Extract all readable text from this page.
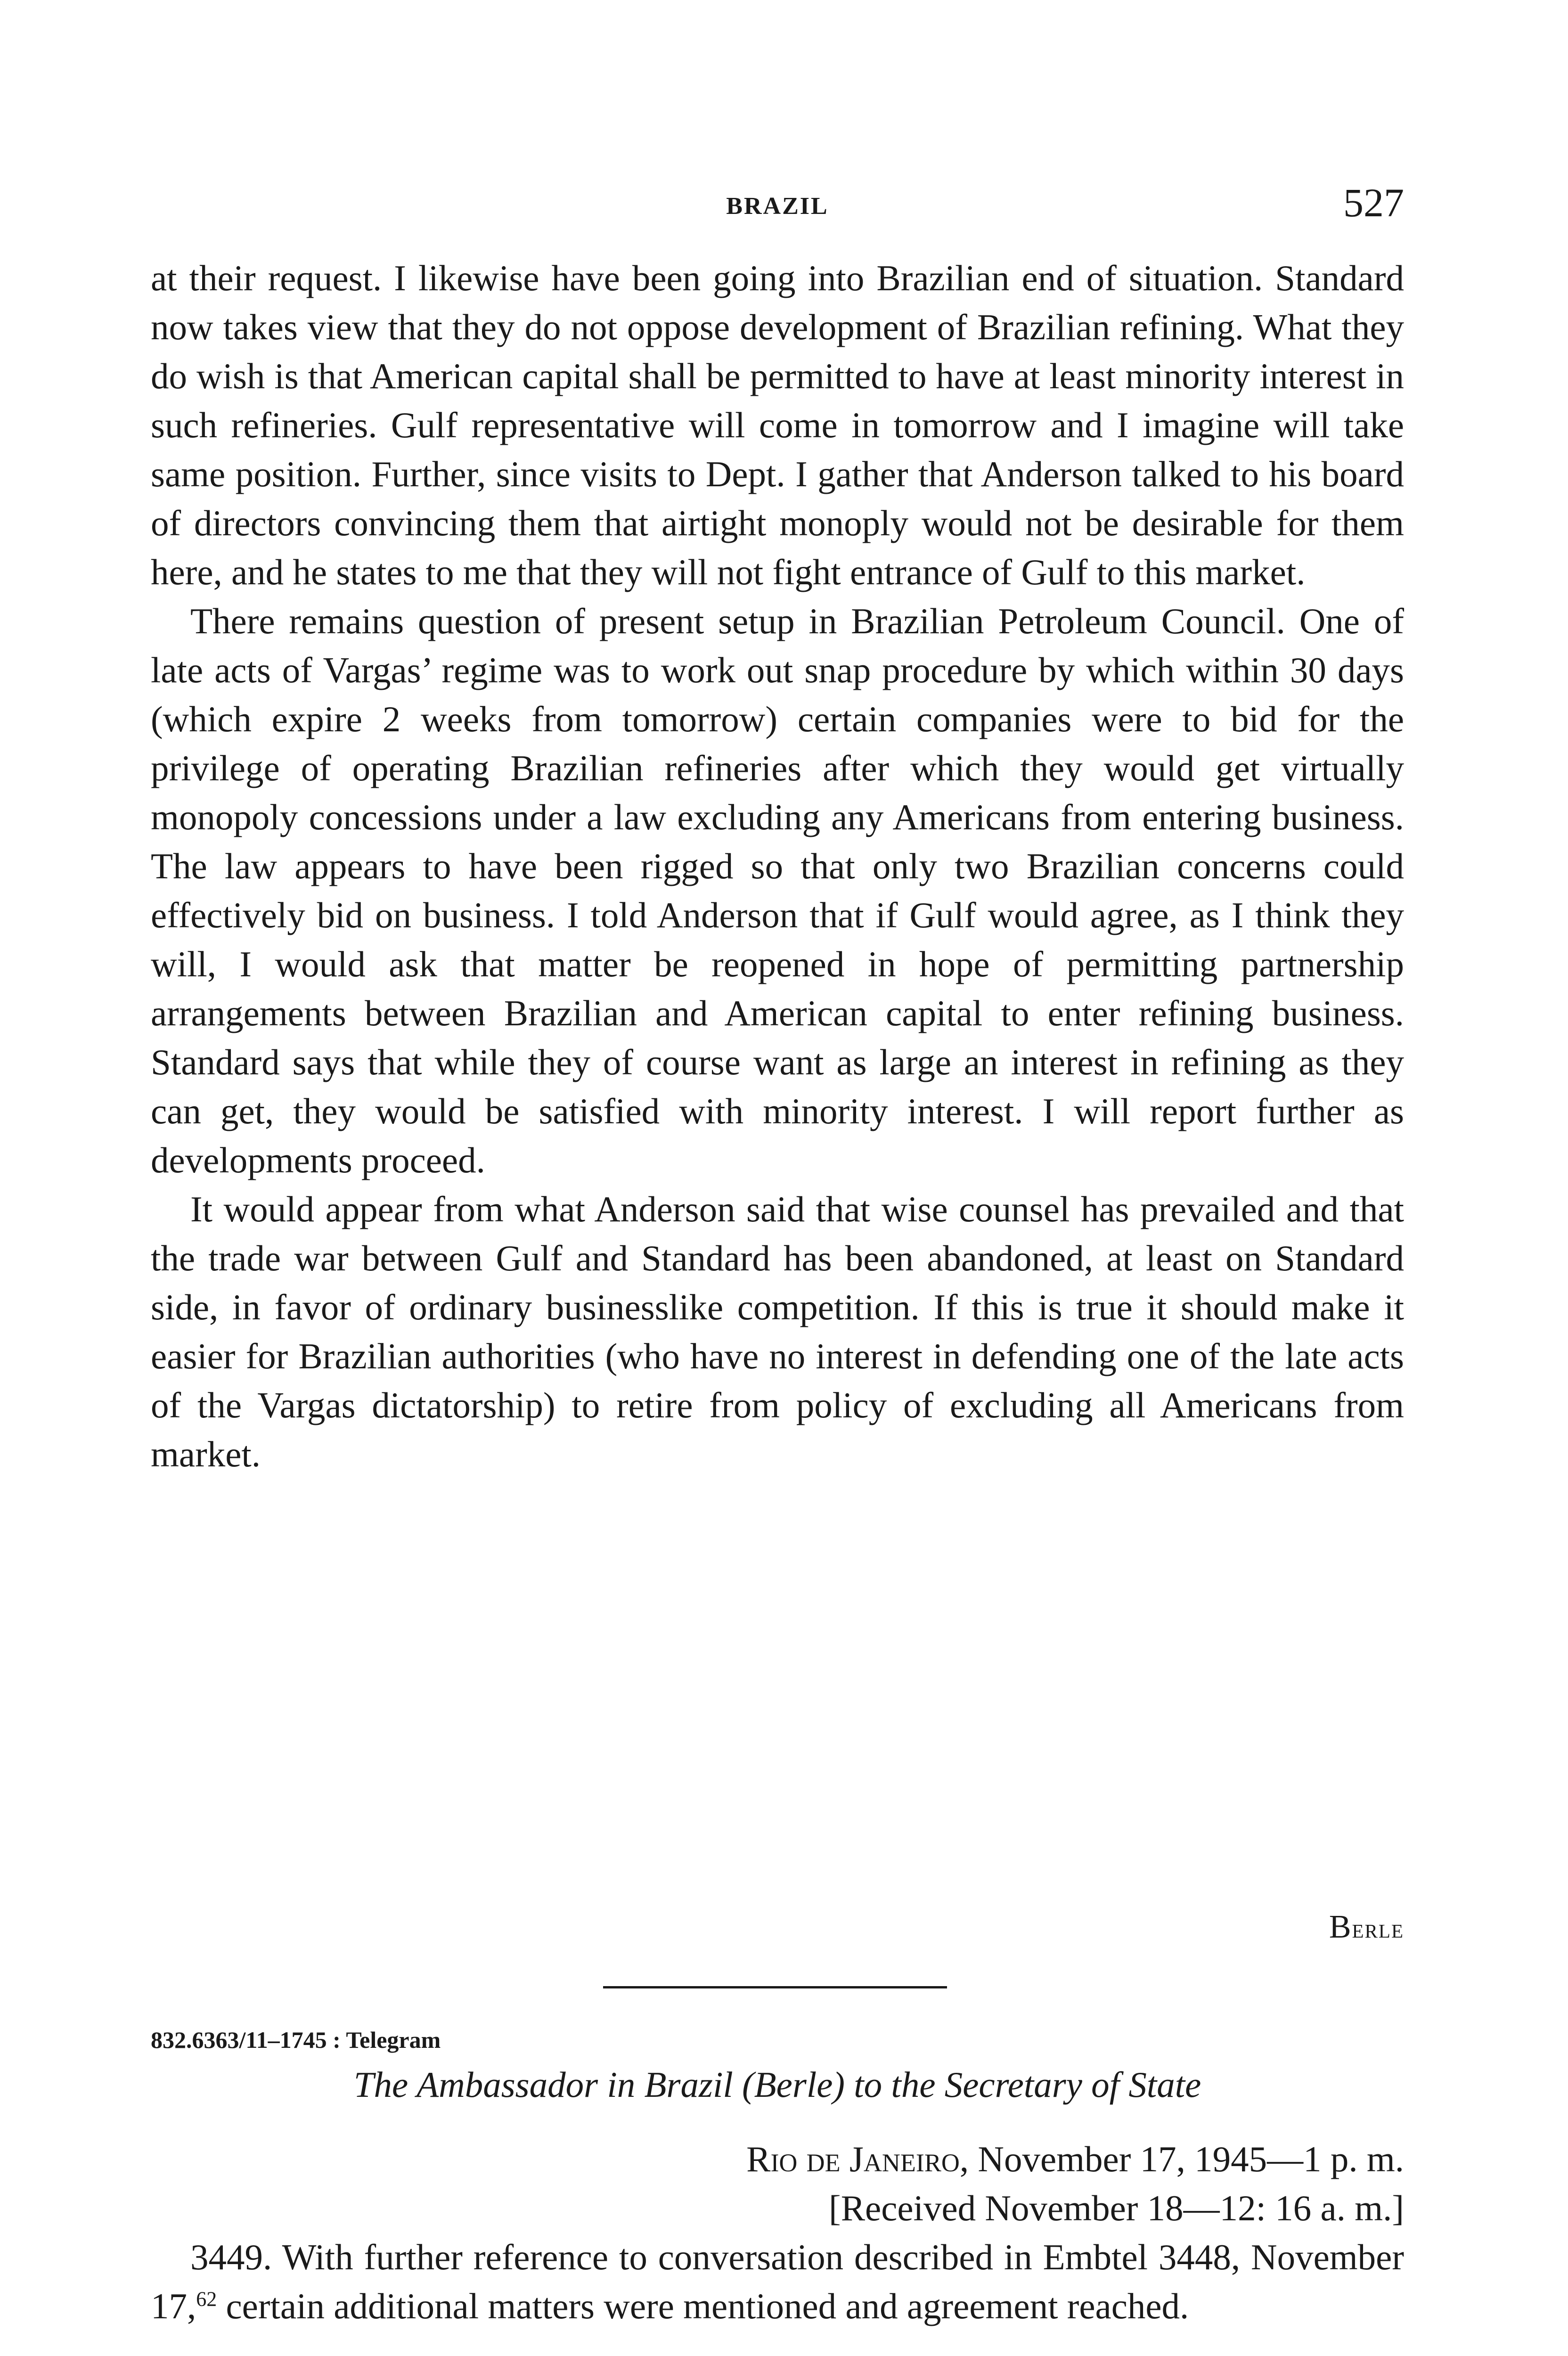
BRAZIL	527

at their request. I likewise have been going into Brazilian end of situation. Standard now takes view that they do not oppose development of Brazilian refining. What they do wish is that American capital shall be permitted to have at least minority interest in such refineries. Gulf representative will come in tomorrow and I imagine will take same position. Further, since visits to Dept. I gather that Anderson talked to his board of directors convincing them that airtight monoply would not be desirable for them here, and he states to me that they will not fight entrance of Gulf to this market.

There remains question of present setup in Brazilian Petroleum Council. One of late acts of Vargas’ regime was to work out snap procedure by which within 30 days (which expire 2 weeks from tomorrow) certain companies were to bid for the privilege of operating Brazilian refineries after which they would get virtually monopoly concessions under a law excluding any Americans from entering business. The law appears to have been rigged so that only two Brazilian concerns could effectively bid on business. I told Anderson that if Gulf would agree, as I think they will, I would ask that matter be reopened in hope of permitting partnership arrangements between Brazilian and American capital to enter refining business. Standard says that while they of course want as large an interest in refining as they can get, they would be satisfied with minority interest. I will report further as developments proceed.

It would appear from what Anderson said that wise counsel has prevailed and that the trade war between Gulf and Standard has been abandoned, at least on Standard side, in favor of ordinary businesslike competition. If this is true it should make it easier for Brazilian authorities (who have no interest in defending one of the late acts of the Vargas dictatorship) to retire from policy of excluding all Americans from market.

Berle
832.6363/11–1745 : Telegram
The Ambassador in Brazil (Berle) to the Secretary of State
Rio de Janeiro, November 17, 1945—1 p. m.
[Received November 18—12: 16 a. m.]

3449. With further reference to conversation described in Embtel 3448, November 17,62 certain additional matters were mentioned and agreement reached.
